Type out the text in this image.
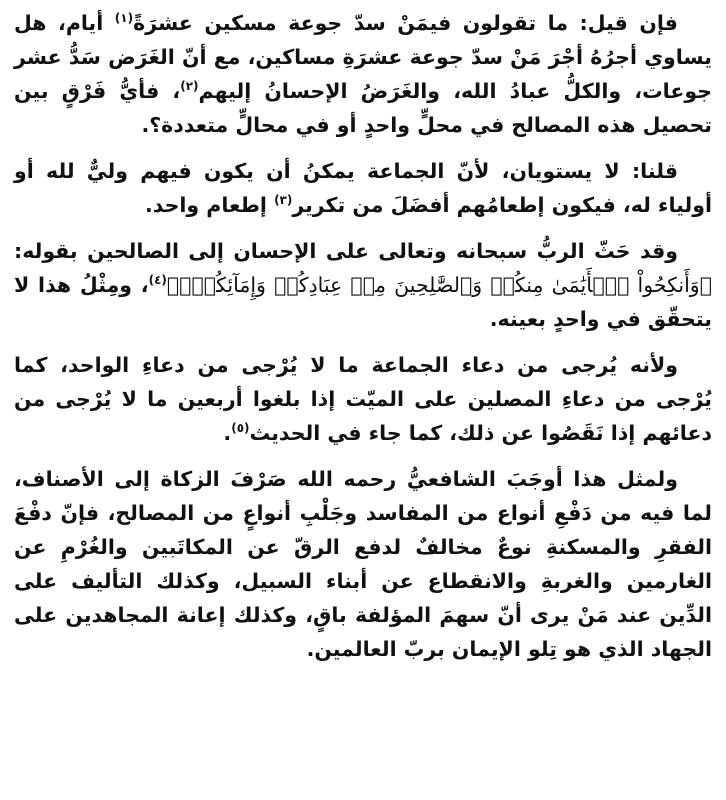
فإن قيل: ما تقولون فيمَنْ سدّ جوعة مسكين عشرَةً$^{(١)}$ أيام، هل يساوي أجرُهُ أجْرَ مَنْ سدّ جوعة عشرَةِ مساكين، مع أنّ الغَرَض سَدُّ عشر جوعات، والكلُّ عبادُ الله، والغَرَضُ الإحسانُ إليهم$^{(٢)}$، فأيُّ فَرْقٍ بين تحصيل هذه المصالح في محلٍّ واحدٍ أو في محالٍّ متعددة؟.

قلنا: لا يستويان، لأنّ الجماعة يمكنُ أن يكون فيهم وليٌّ لله أو أولياء له، فيكون إطعامُهم أفضَلَ من تكرير$^{(٣)}$ إطعام واحد.

وقد حَثّ الربُّ سبحانه وتعالى على الإحسان إلى الصالحين بقوله: ﴿وَأَنكِحُواْ ٱلۡأَيَٰمَىٰ مِنكُمۡ وَٱلصَّٰلِحِينَ مِنۡ عِبَادِكُمۡ وَإِمَآئِكُمۡۚ﴾$^{(٤)}$، ومِثْلُ هذا لا يتحقّق في واحدٍ بعينه.

ولأنه يُرجى من دعاء الجماعة ما لا يُرْجى من دعاءِ الواحد، كما يُرْجى من دعاءِ المصلين على الميّت إذا بلغوا أربعين ما لا يُرْجى من دعائهم إذا نَقَصُوا عن ذلك، كما جاء في الحديث$^{(٥)}$.

ولمثل هذا أوجَبَ الشافعيُّ رحمه الله صَرْفَ الزكاة إلى الأصناف، لما فيه من دَفْعِ أنواع من المفاسد وجَلْبِ أنواعٍ من المصالح، فإنّ دفْعَ الفقرِ والمسكنةِ نوعٌ مخالفٌ لدفع الرقّ عن المكاتَبين والغُرْمِ عن الغارمين والغربةِ والانقطاع عن أبناء السبيل، وكذلك التأليف على الدِّين عند مَنْ يرى أنّ سهمَ المؤلفة باقٍ، وكذلك إعانة المجاهدين على الجهاد الذي هو تِلو الإيمان بربّ العالمين.
